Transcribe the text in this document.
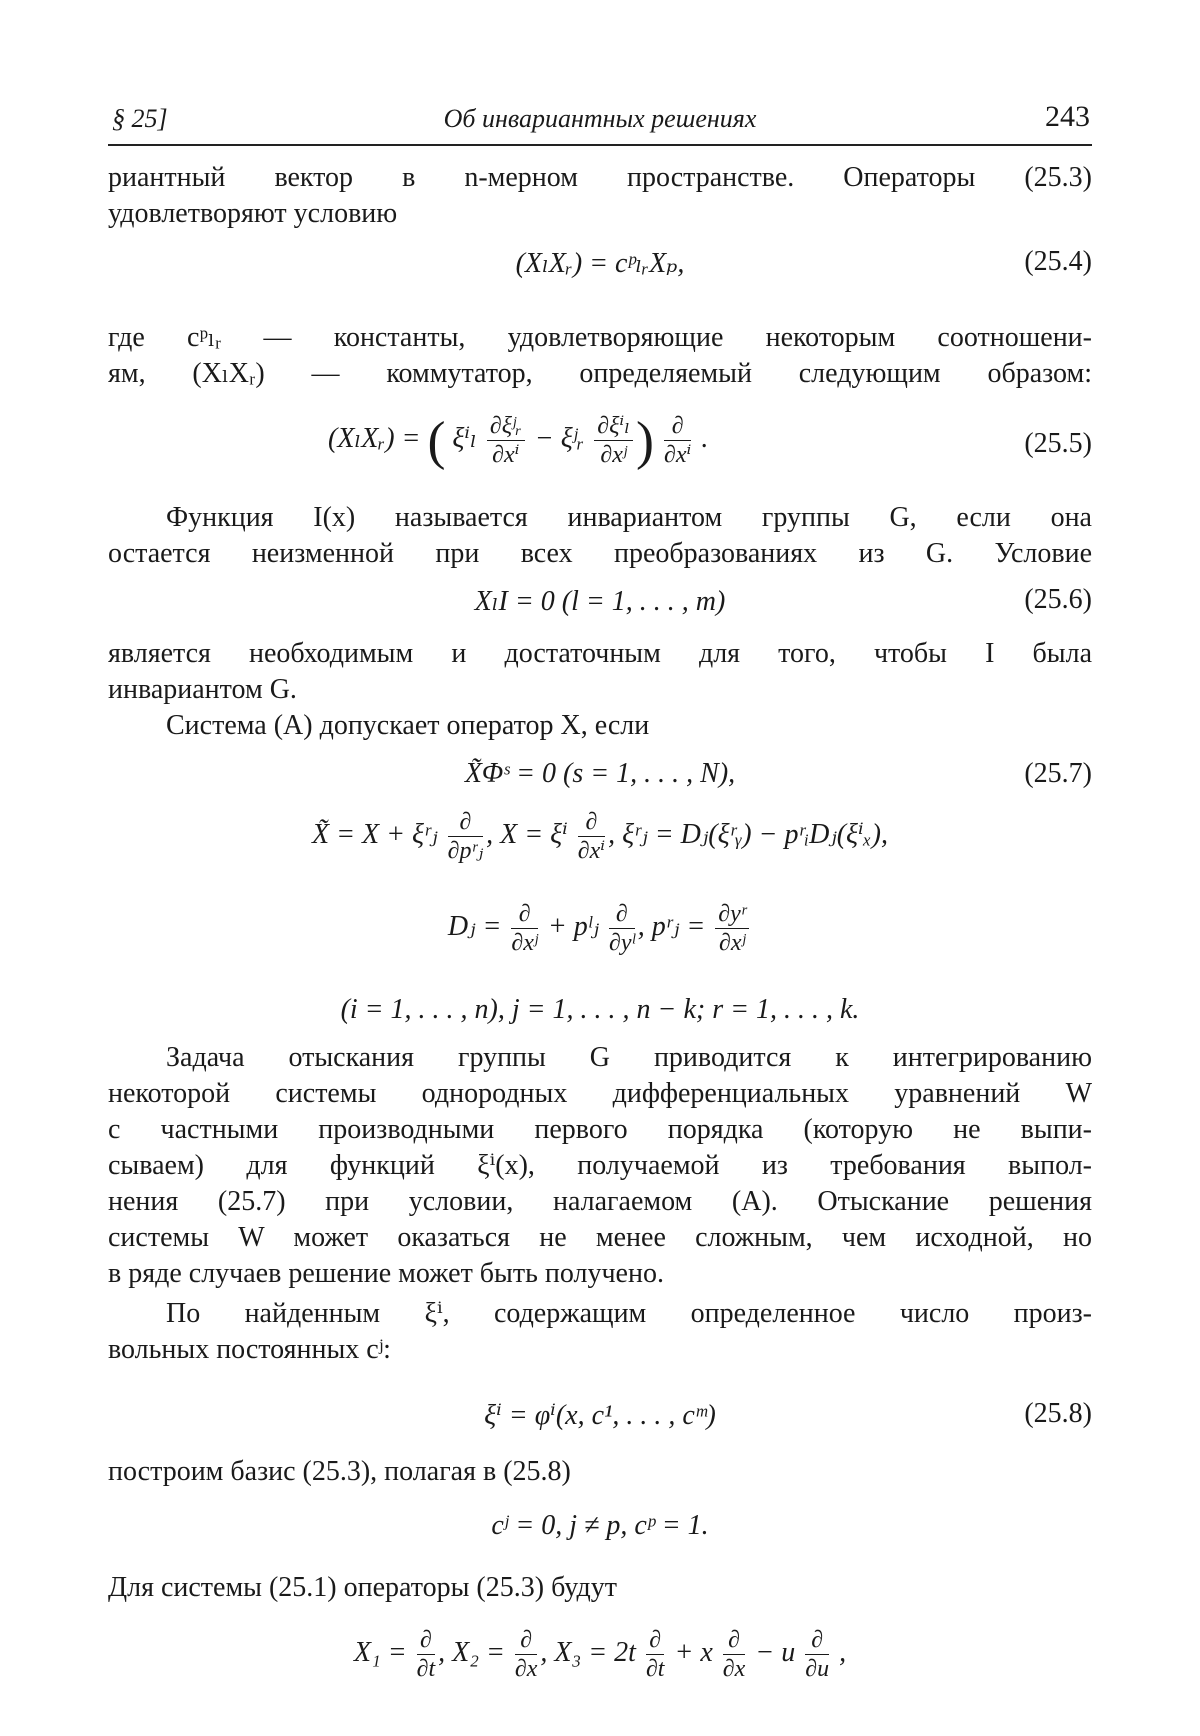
§ 25]	Об инвариантных решениях	243
риантный вектор в n-мерном пространстве. Операторы (25.3)
удовлетворяют условию
(XₗXᵣ) = cᵖₗᵣXₚ,	(25.4)
где cᵖₗᵣ — константы, удовлетворяющие некоторым соотношени-
ям, (XₗXᵣ) — коммутатор, определяемый следующим образом:
(XₗXᵣ) = ( ξⁱₗ $\frac{\text{∂ξʲᵣ}}{\text{∂xⁱ}}$ − ξʲᵣ $\frac{\text{∂ξⁱₗ}}{\text{∂xʲ}}$ ) $\frac{\partial}{\text{∂xⁱ}}$ .	(25.5)
Функция I(x) называется инвариантом группы G, если она
остается неизменной при всех преобразованиях из G. Условие
XₗI = 0 (l = 1, . . . , m)	(25.6)
является необходимым и достаточным для того, чтобы I была
инвариантом G.
Система (A) допускает оператор X, если
X̃Φˢ = 0 (s = 1, . . . , N),	(25.7)
X̃ = X + ξʳⱼ $\frac{\partial}{\text{∂pʳⱼ}}$ , X = ξⁱ $\frac{\partial}{\text{∂xⁱ}}$ , ξʳⱼ = Dⱼ(ξʳᵧ) − pʳᵢDⱼ(ξⁱₓ),
Dⱼ = $\frac{\partial}{\text{∂xʲ}}$ + pˡⱼ $\frac{\partial}{\text{∂yˡ}}$ , pʳⱼ = $\frac{\text{∂yʳ}}{\text{∂xʲ}}$
(i = 1, . . . , n), j = 1, . . . , n − k; r = 1, . . . , k.
Задача отыскания группы G приводится к интегрированию
некоторой системы однородных дифференциальных уравнений W
с частными производными первого порядка (которую не выпи-
сываем) для функций ξⁱ(x), получаемой из требования выпол-
нения (25.7) при условии, налагаемом (A). Отыскание решения
системы W может оказаться не менее сложным, чем исходной, но
в ряде случаев решение может быть получено.
По найденным ξⁱ, содержащим определенное число произ-
вольных постоянных cʲ:
ξⁱ = φⁱ(x, c¹, . . . , cᵐ)	(25.8)
построим базис (25.3), полагая в (25.8)
cʲ = 0, j ≠ p, cᵖ = 1.
Для системы (25.1) операторы (25.3) будут
$X_1 = \frac{\partial}{\partial t}$ , $X_2 = \frac{\partial}{\partial x}$ , $X_3 = 2t \frac{\partial}{\partial t} + x \frac{\partial}{\partial x} - u \frac{\partial}{\partial u}$ ,
